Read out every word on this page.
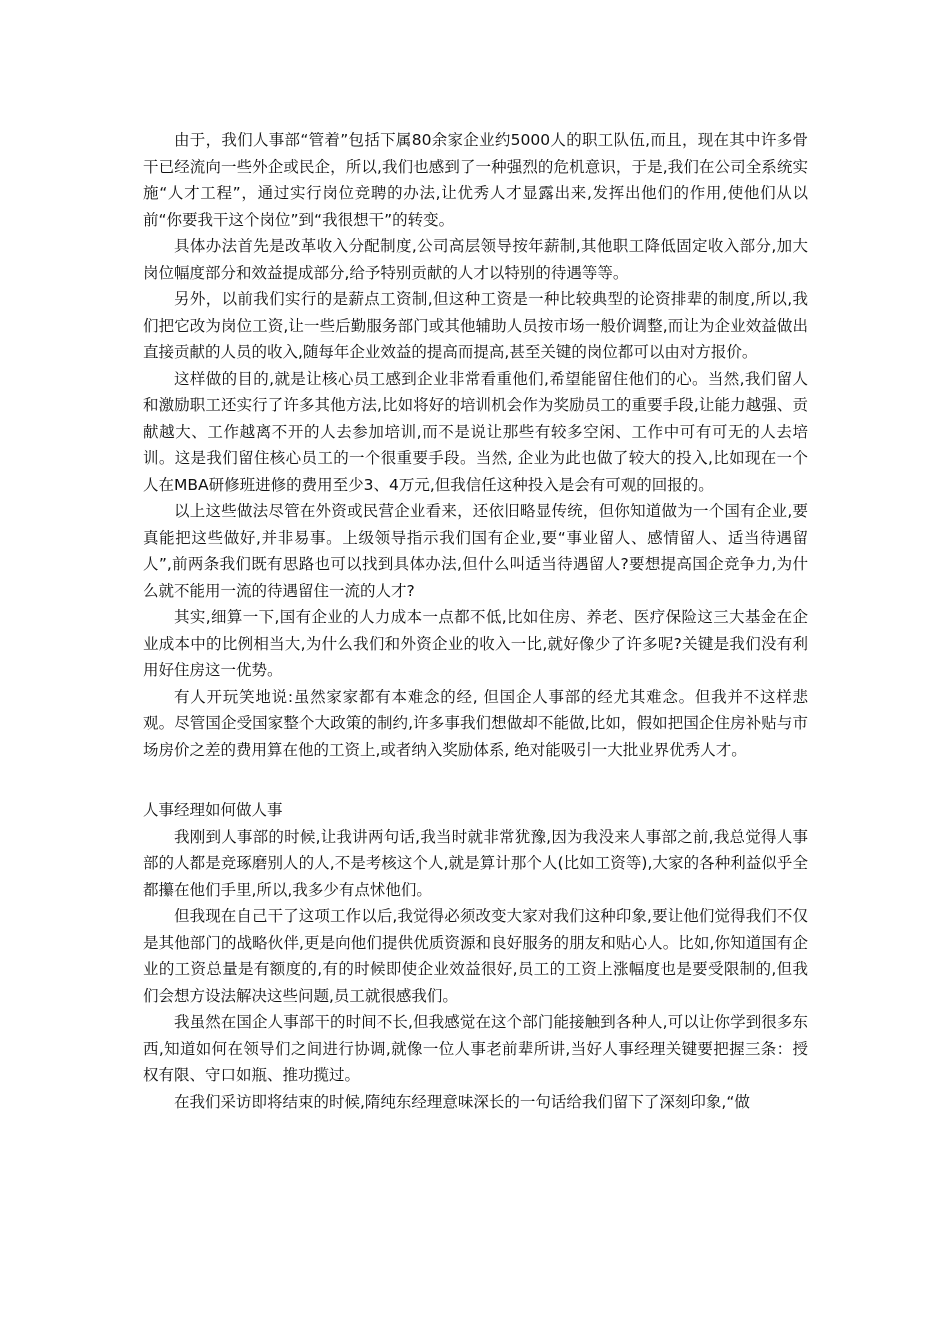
由于，我们人事部“管着”包括下属80余家企业约5000人的职工队伍,而且，现在其中许多骨干已经流向一些外企或民企，所以,我们也感到了一种强烈的危机意识，于是,我们在公司全系统实施“人才工程”，通过实行岗位竞聘的办法,让优秀人才显露出来,发挥出他们的作用,使他们从以前“你要我干这个岗位”到“我很想干”的转变。

具体办法首先是改革收入分配制度,公司高层领导按年薪制,其他职工降低固定收入部分,加大岗位幅度部分和效益提成部分,给予特别贡献的人才以特别的待遇等等。

另外，以前我们实行的是薪点工资制,但这种工资是一种比较典型的论资排辈的制度,所以,我们把它改为岗位工资,让一些后勤服务部门或其他辅助人员按市场一般价调整,而让为企业效益做出直接贡献的人员的收入,随每年企业效益的提高而提高,甚至关键的岗位都可以由对方报价。

这样做的目的,就是让核心员工感到企业非常看重他们,希望能留住他们的心。当然,我们留人和激励职工还实行了许多其他方法,比如将好的培训机会作为奖励员工的重要手段,让能力越强、贡献越大、工作越离不开的人去参加培训,而不是说让那些有较多空闲、工作中可有可无的人去培训。这是我们留住核心员工的一个很重要手段。当然, 企业为此也做了较大的投入,比如现在一个人在MBA研修班进修的费用至少3、4万元,但我信任这种投入是会有可观的回报的。

以上这些做法尽管在外资或民营企业看来，还依旧略显传统，但你知道做为一个国有企业,要真能把这些做好,并非易事。上级领导指示我们国有企业,要“事业留人、感情留人、适当待遇留人”,前两条我们既有思路也可以找到具体办法,但什么叫适当待遇留人?要想提高国企竞争力,为什么就不能用一流的待遇留住一流的人才?

其实,细算一下,国有企业的人力成本一点都不低,比如住房、养老、医疗保险这三大基金在企业成本中的比例相当大,为什么我们和外资企业的收入一比,就好像少了许多呢?关键是我们没有利用好住房这一优势。

有人开玩笑地说:虽然家家都有本难念的经, 但国企人事部的经尤其难念。但我并不这样悲观。尽管国企受国家整个大政策的制约,许多事我们想做却不能做,比如，假如把国企住房补贴与市场房价之差的费用算在他的工资上,或者纳入奖励体系, 绝对能吸引一大批业界优秀人才。

人事经理如何做人事

我刚到人事部的时候,让我讲两句话,我当时就非常犹豫,因为我没来人事部之前,我总觉得人事部的人都是竞琢磨别人的人,不是考核这个人,就是算计那个人(比如工资等),大家的各种利益似乎全都攥在他们手里,所以,我多少有点怵他们。

但我现在自己干了这项工作以后,我觉得必须改变大家对我们这种印象,要让他们觉得我们不仅是其他部门的战略伙伴,更是向他们提供优质资源和良好服务的朋友和贴心人。比如,你知道国有企业的工资总量是有额度的,有的时候即使企业效益很好,员工的工资上涨幅度也是要受限制的,但我们会想方设法解决这些问题,员工就很感我们。

我虽然在国企人事部干的时间不长,但我感觉在这个部门能接触到各种人,可以让你学到很多东西,知道如何在领导们之间进行协调,就像一位人事老前辈所讲,当好人事经理关键要把握三条：授权有限、守口如瓶、推功揽过。

在我们采访即将结束的时候,隋纯东经理意味深长的一句话给我们留下了深刻印象,“做
